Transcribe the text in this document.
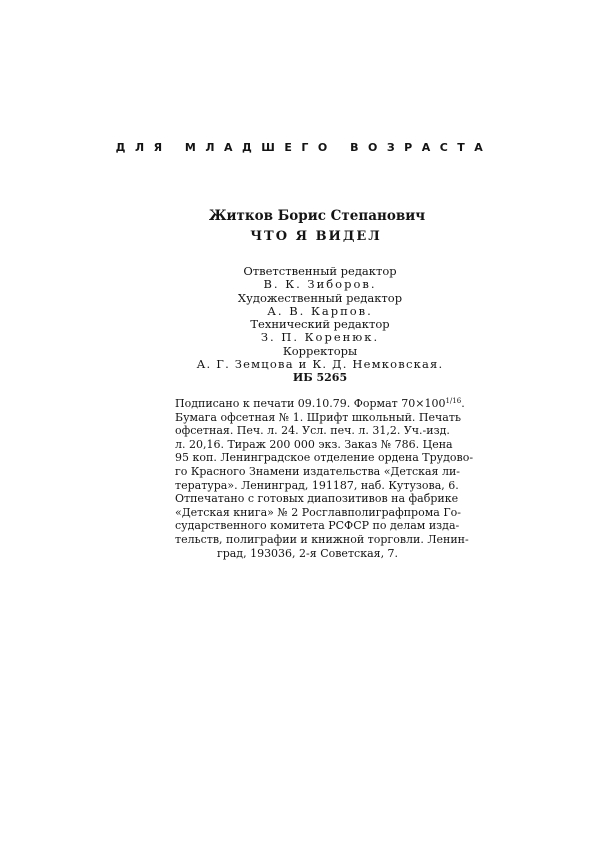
ДЛЯ МЛАДШЕГО ВОЗРАСТА
Житков Борис Степанович
ЧТО Я ВИДЕЛ
Ответственный редактор
В. К. Зиборов.
Художественный редактор
А. В. Карпов.
Технический редактор
З. П. Коренюк.
Корректоры
А. Г. Земцова и К. Д. Немковская.
ИБ 5265
Подписано к печати 09.10.79. Формат $70\times 100^{1/16}$.
Бумага офсетная № 1. Шрифт школьный. Печать
офсетная. Печ. л. 24. Усл. печ. л. 31,2. Уч.-изд.
л. 20,16. Тираж 200 000 экз. Заказ № 786. Цена
95 коп. Ленинградское отделение ордена Трудово-
го Красного Знамени издательства «Детская ли-
тература». Ленинград, 191187, наб. Кутузова, 6.
Отпечатано с готовых диапозитивов на фабрике
«Детская книга» № 2 Росглавполиграфпрома Го-
сударственного комитета РСФСР по делам изда-
тельств, полиграфии и книжной торговли. Ленин-
град, 193036, 2-я Советская, 7.
